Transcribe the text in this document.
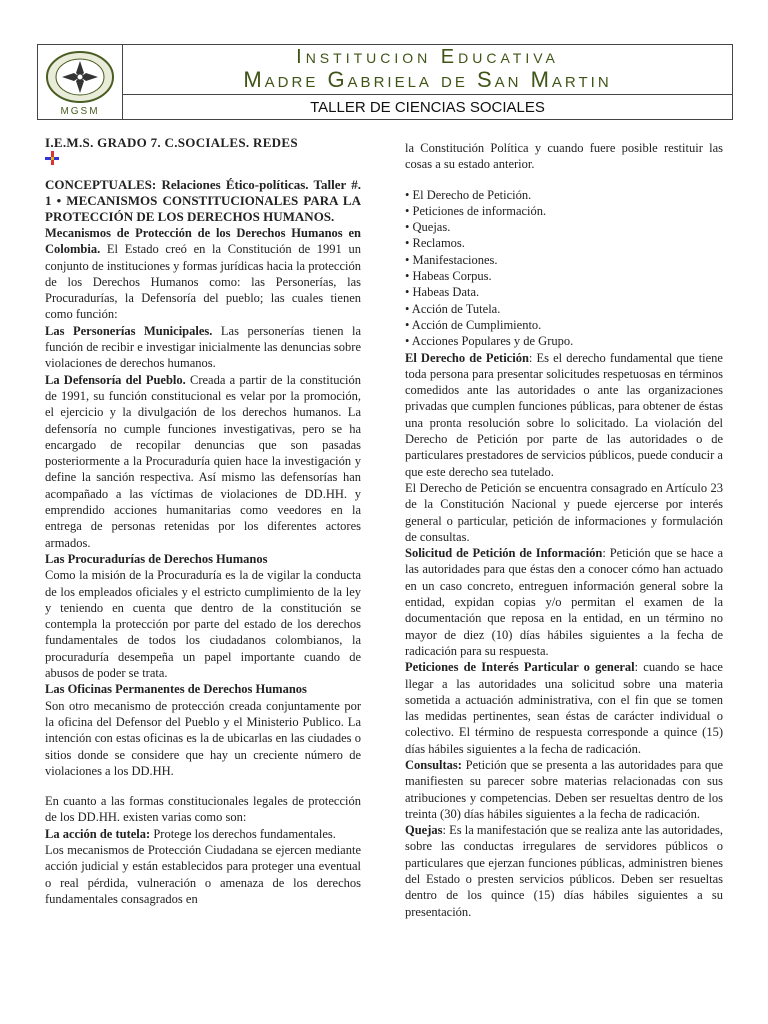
MGSM
Institucion Educativa
Madre Gabriela de San Martin
TALLER DE CIENCIAS SOCIALES

I.E.M.S. GRADO 7. C.SOCIALES. REDES

CONCEPTUALES: Relaciones Ético-políticas. Taller #. 1 • MECANISMOS CONSTITUCIONALES PARA LA PROTECCIÓN DE LOS DERECHOS HUMANOS.

Mecanismos de Protección de los Derechos Humanos en Colombia. El Estado creó en la Constitución de 1991 un conjunto de instituciones y formas jurídicas hacia la protección de los Derechos Humanos como: las Personerías, las Procuradurías, la Defensoría del pueblo; las cuales tienen como función:

Las Personerías Municipales. Las personerías tienen la función de recibir e investigar inicialmente las denuncias sobre violaciones de derechos humanos.

La Defensoría del Pueblo. Creada a partir de la constitución de 1991, su función constitucional es velar por la promoción, el ejercicio y la divulgación de los derechos humanos. La defensoría no cumple funciones investigativas, pero se ha encargado de recopilar denuncias que son pasadas posteriormente a la Procuraduría quien hace la investigación y define la sanción respectiva. Así mismo las defensorías han acompañado a las víctimas de violaciones de DD.HH. y emprendido acciones humanitarias como veedores en la entrega de personas retenidas por los diferentes actores armados.

Las Procuradurías de Derechos Humanos

Como la misión de la Procuraduría es la de vigilar la conducta de los empleados oficiales y el estricto cumplimiento de la ley y teniendo en cuenta que dentro de la constitución se contempla la protección por parte del estado de los derechos fundamentales de todos los ciudadanos colombianos, la procuraduría desempeña un papel importante cuando de abusos de poder se trata.

Las Oficinas Permanentes de Derechos Humanos

Son otro mecanismo de protección creada conjuntamente por la oficina del Defensor del Pueblo y el Ministerio Publico. La intención con estas oficinas es la de ubicarlas en las ciudades o sitios donde se considere que hay un creciente número de violaciones a los DD.HH.

En cuanto a las formas constitucionales legales de protección de los DD.HH. existen varias como son:

La acción de tutela: Protege los derechos fundamentales.

Los mecanismos de Protección Ciudadana se ejercen mediante acción judicial y están establecidos para proteger una eventual o real pérdida, vulneración o amenaza de los derechos fundamentales consagrados en

la Constitución Política y cuando fuere posible restituir las cosas a su estado anterior.

• El Derecho de Petición.
• Peticiones de información.
• Quejas.
• Reclamos.
• Manifestaciones.
• Habeas Corpus.
• Habeas Data.
• Acción de Tutela.
• Acción de Cumplimiento.
• Acciones Populares y de Grupo.

El Derecho de Petición: Es el derecho fundamental que tiene toda persona para presentar solicitudes respetuosas en términos comedidos ante las autoridades o ante las organizaciones privadas que cumplen funciones públicas, para obtener de éstas una pronta resolución sobre lo solicitado. La violación del Derecho de Petición por parte de las autoridades o de particulares prestadores de servicios públicos, puede conducir a que este derecho sea tutelado.

El Derecho de Petición se encuentra consagrado en Artículo 23 de la Constitución Nacional y puede ejercerse por interés general o particular, petición de informaciones y formulación de consultas.

Solicitud de Petición de Información: Petición que se hace a las autoridades para que éstas den a conocer cómo han actuado en un caso concreto, entreguen información general sobre la entidad, expidan copias y/o permitan el examen de la documentación que reposa en la entidad, en un término no mayor de diez (10) días hábiles siguientes a la fecha de radicación para su respuesta.

Peticiones de Interés Particular o general: cuando se hace llegar a las autoridades una solicitud sobre una materia sometida a actuación administrativa, con el fin que se tomen las medidas pertinentes, sean éstas de carácter individual o colectivo. El término de respuesta corresponde a quince (15) días hábiles siguientes a la fecha de radicación.

Consultas: Petición que se presenta a las autoridades para que manifiesten su parecer sobre materias relacionadas con sus atribuciones y competencias. Deben ser resueltas dentro de los treinta (30) días hábiles siguientes a la fecha de radicación.

Quejas: Es la manifestación que se realiza ante las autoridades, sobre las conductas irregulares de servidores públicos o particulares que ejerzan funciones públicas, administren bienes del Estado o presten servicios públicos. Deben ser resueltas dentro de los quince (15) días hábiles siguientes a su presentación.
